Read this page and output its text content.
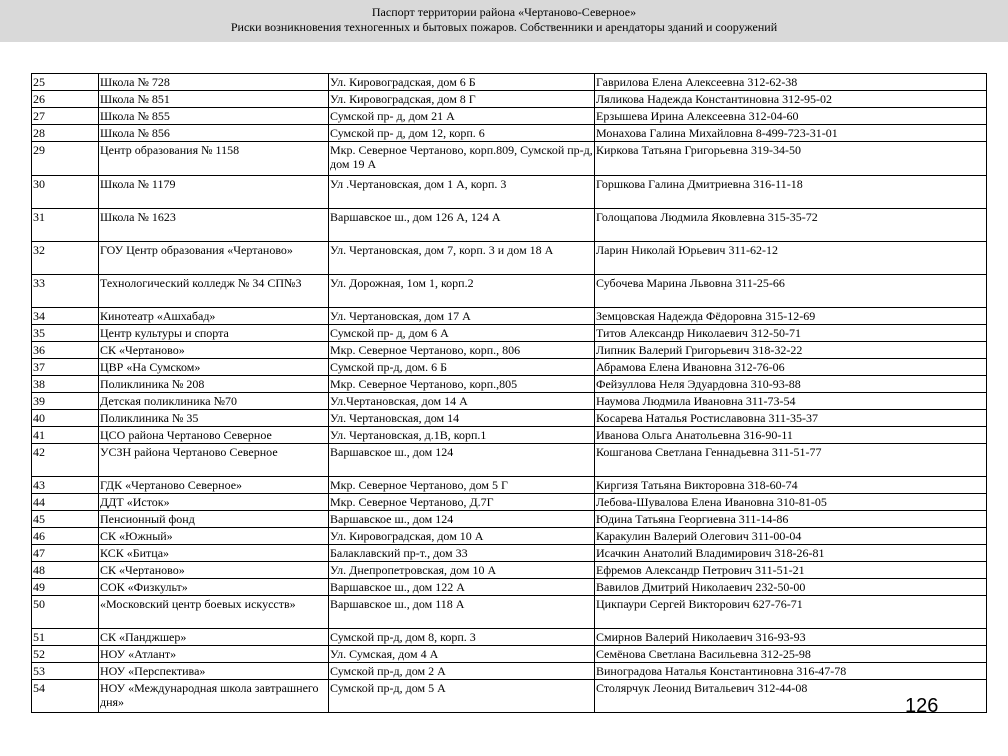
Паспорт территории района «Чертаново-Северное»
Риски возникновения техногенных и бытовых пожаров. Собственники и арендаторы зданий и сооружений
25	Школа № 728	Ул. Кировоградская, дом 6 Б	Гаврилова Елена Алексеевна 312-62-38
26	Школа № 851	Ул. Кировоградская, дом 8 Г	Ляликова Надежда Константиновна 312-95-02
27	Школа № 855	Сумской пр- д, дом 21 А	Ерзышева Ирина Алексеевна 312-04-60
28	Школа № 856	Сумской пр- д, дом 12, корп. 6	Монахова Галина Михайловна 8-499-723-31-01
29	Центр образования № 1158	Мкр. Северное Чертаново, корп.809, Сумской пр-д, дом 19 А	Киркова Татьяна Григорьевна 319-34-50
30	Школа № 1179	Ул .Чертановская, дом 1 А, корп. 3	Горшкова Галина Дмитриевна 316-11-18
31	Школа № 1623	Варшавское ш., дом 126 А, 124 А	Голощапова Людмила Яковлевна 315-35-72
32	ГОУ Центр образования «Чертаново»	Ул. Чертановская, дом 7, корп. 3 и дом 18 А	Ларин Николай Юрьевич 311-62-12
33	Технологический колледж № 34 СП№3	Ул. Дорожная, 1ом 1, корп.2	Субочева Марина Львовна 311-25-66
34	Кинотеатр «Ашхабад»	Ул. Чертановская, дом 17 А	Земцовская Надежда Фёдоровна 315-12-69
35	Центр культуры и спорта	Сумской пр- д, дом 6 А	Титов Александр Николаевич 312-50-71
36	СК «Чертаново»	Мкр. Северное Чертаново, корп., 806	Липник Валерий Григорьевич 318-32-22
37	ЦВР «На Сумском»	Сумской пр-д, дом. 6 Б	Абрамова Елена Ивановна 312-76-06
38	Поликлиника № 208	Мкр. Северное Чертаново, корп.,805	Фейзуллова Неля Эдуардовна 310-93-88
39	Детская поликлиника №70	Ул.Чертановская, дом 14 А	Наумова Людмила Ивановна 311-73-54
40	Поликлиника № 35	Ул. Чертановская, дом 14	Косарева Наталья Ростиславовна 311-35-37
41	ЦСО района Чертаново Северное	Ул. Чертановская, д.1В, корп.1	Иванова Ольга Анатольевна 316-90-11
42	УСЗН района Чертаново Северное	Варшавское ш., дом 124	Кошганова Светлана Геннадьевна 311-51-77
43	ГДК «Чертаново Северное»	Мкр. Северное Чертаново, дом 5 Г	Киргизя Татьяна Викторовна 318-60-74
44	ДДТ «Исток»	Мкр. Северное Чертаново, Д.7Г	Лебова-Шувалова Елена Ивановна 310-81-05
45	Пенсионный фонд	Варшавское ш., дом 124	Юдина Татьяна Георгиевна 311-14-86
46	СК «Южный»	Ул. Кировоградская, дом 10 А	Каракулин Валерий Олегович 311-00-04
47	КСК «Битца»	Балаклавский пр-т., дом 33	Исачкин Анатолий Владимирович 318-26-81
48	СК «Чертаново»	Ул. Днепропетровская, дом 10 А	Ефремов Александр Петрович 311-51-21
49	СОК «Физкульт»	Варшавское ш., дом 122 А	Вавилов Дмитрий Николаевич 232-50-00
50	«Московский центр боевых искусств»	Варшавское ш., дом 118 А	Цикпаури Сергей Викторович 627-76-71
51	СК «Панджшер»	Сумской пр-д, дом 8, корп. 3	Смирнов Валерий Николаевич 316-93-93
52	НОУ «Атлант»	Ул. Сумская, дом 4 А	Семёнова Светлана Васильевна 312-25-98
53	НОУ «Перспектива»	Сумской пр-д, дом 2 А	Виноградова Наталья Константиновна 316-47-78
54	НОУ «Международная школа завтрашнего дня»	Сумской пр-д, дом 5 А	Столярчук Леонид Витальевич 312-44-08
126
